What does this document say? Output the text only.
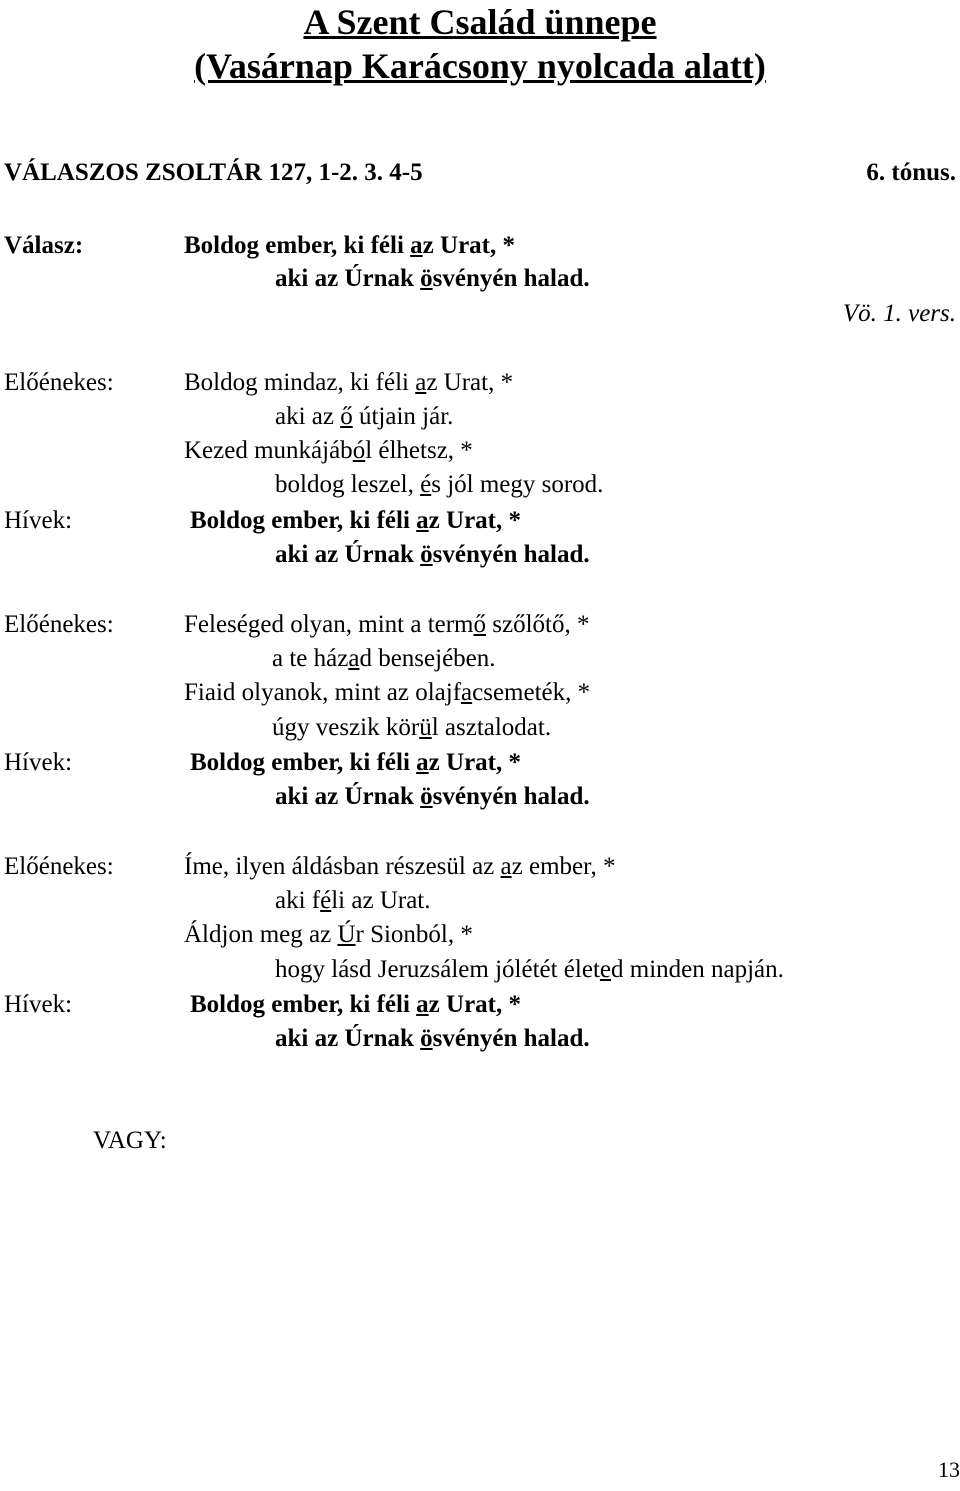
A Szent Család ünnepe
(Vasárnap Karácsony nyolcada alatt)
VÁLASZOS ZSOLTÁR 127, 1-2. 3. 4-5	6. tónus.
Válasz:	Boldog ember, ki féli az Urat, *
aki az Úrnak ösvényén halad.
Vö. 1. vers.
Előénekes:	Boldog mindaz, ki féli az Urat, *
aki az ő útjain jár.
Kezed munkájából élhetsz, *
boldog leszel, és jól megy sorod.
Hívek:	Boldog ember, ki féli az Urat, *
aki az Úrnak ösvényén halad.
Előénekes:	Feleséged olyan, mint a termő szőlőtő, *
a te házad bensejében.
Fiaid olyanok, mint az olajfacsemeték, *
úgy veszik körül asztalodat.
Hívek:	Boldog ember, ki féli az Urat, *
aki az Úrnak ösvényén halad.
Előénekes:	Íme, ilyen áldásban részesül az az ember, *
aki féli az Urat.
Áldjon meg az Úr Sionból, *
hogy lásd Jeruzsálem jólétét életed minden napján.
Hívek:	Boldog ember, ki féli az Urat, *
aki az Úrnak ösvényén halad.
VAGY:
13
